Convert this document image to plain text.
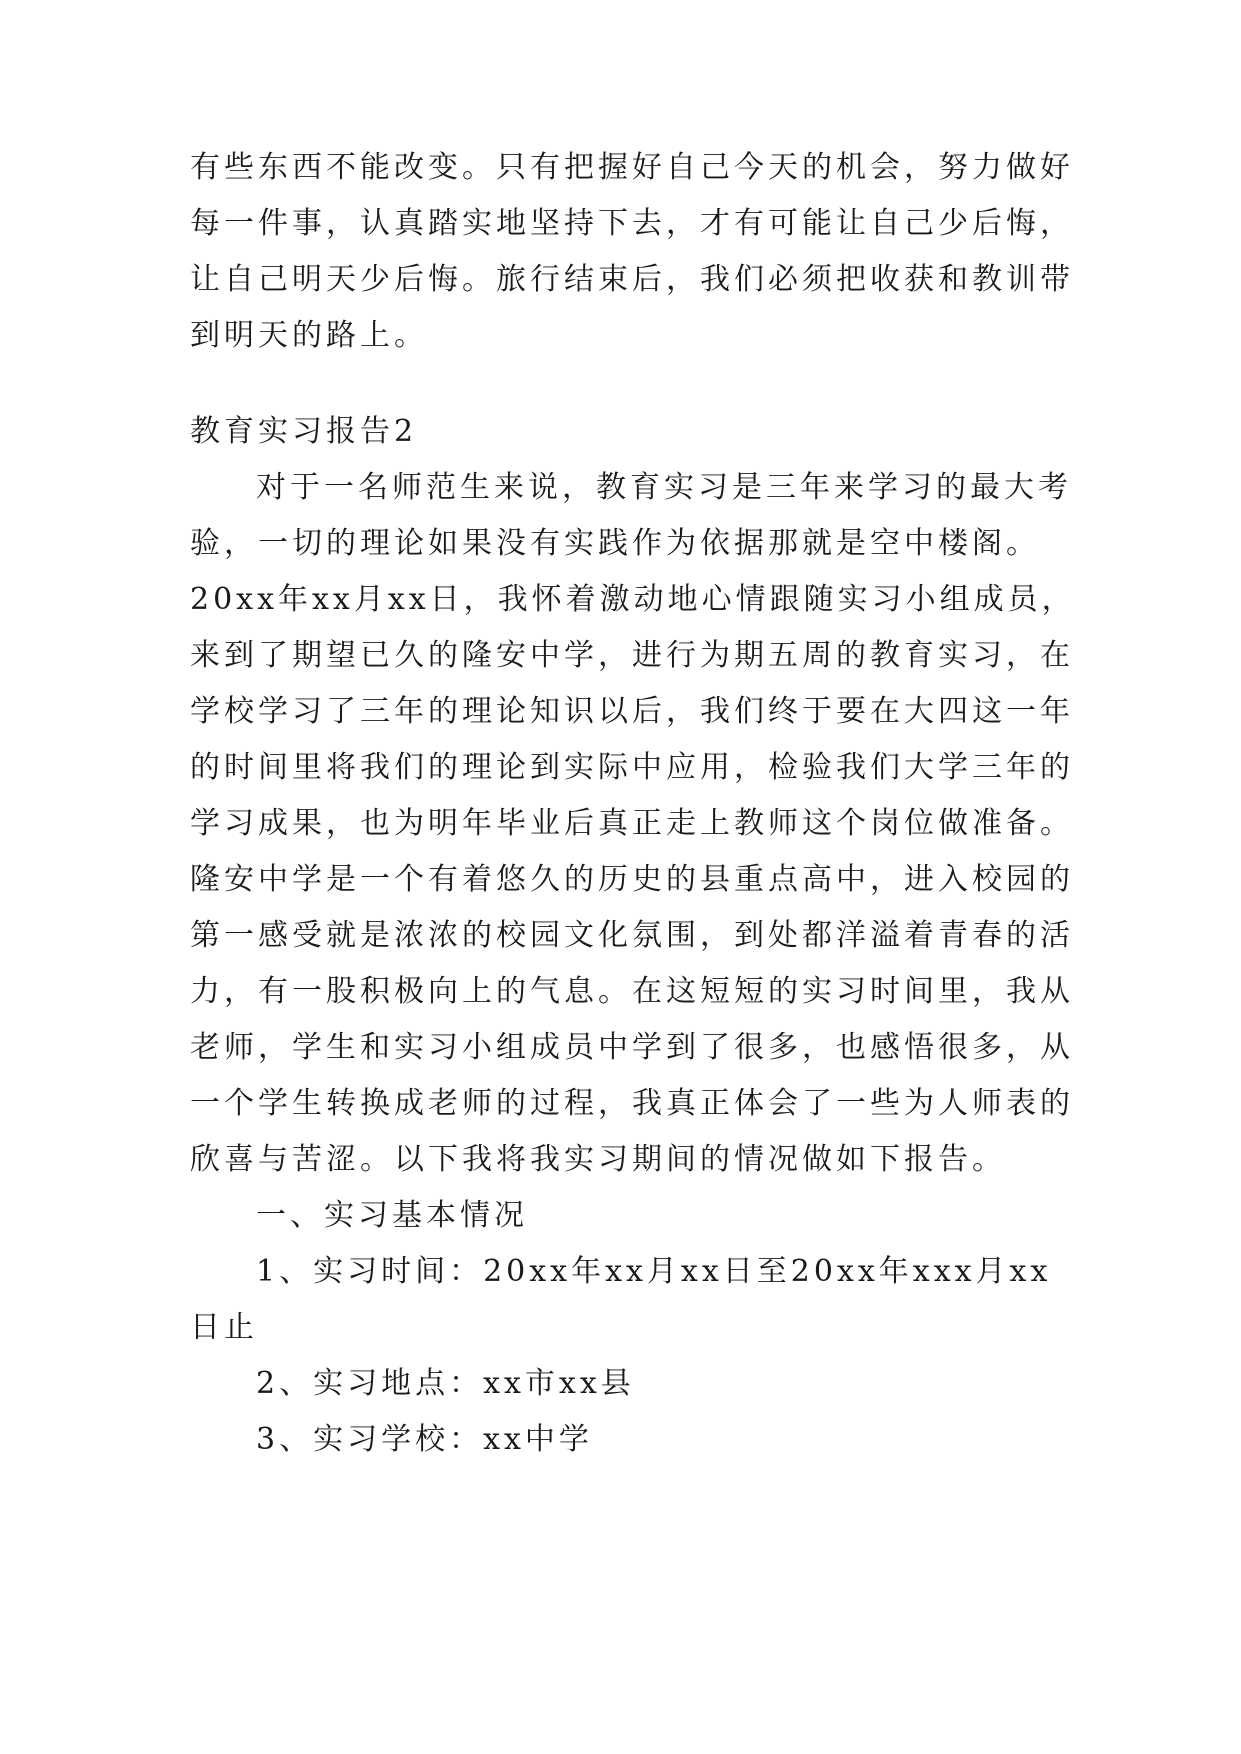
有些东西不能改变。只有把握好自己今天的机会，努力做好
每一件事，认真踏实地坚持下去，才有可能让自己少后悔，
让自己明天少后悔。旅行结束后，我们必须把收获和教训带
到明天的路上。
教育实习报告2
对于一名师范生来说，教育实习是三年来学习的最大考
验，一切的理论如果没有实践作为依据那就是空中楼阁。
20xx年xx月xx日，我怀着激动地心情跟随实习小组成员，
来到了期望已久的隆安中学，进行为期五周的教育实习，在
学校学习了三年的理论知识以后，我们终于要在大四这一年
的时间里将我们的理论到实际中应用，检验我们大学三年的
学习成果，也为明年毕业后真正走上教师这个岗位做准备。
隆安中学是一个有着悠久的历史的县重点高中，进入校园的
第一感受就是浓浓的校园文化氛围，到处都洋溢着青春的活
力，有一股积极向上的气息。在这短短的实习时间里，我从
老师，学生和实习小组成员中学到了很多，也感悟很多，从
一个学生转换成老师的过程，我真正体会了一些为人师表的
欣喜与苦涩。以下我将我实习期间的情况做如下报告。
一、实习基本情况
1、实习时间：20xx年xx月xx日至20xx年xxx月xx
日止
2、实习地点：xx市xx县
3、实习学校：xx中学
